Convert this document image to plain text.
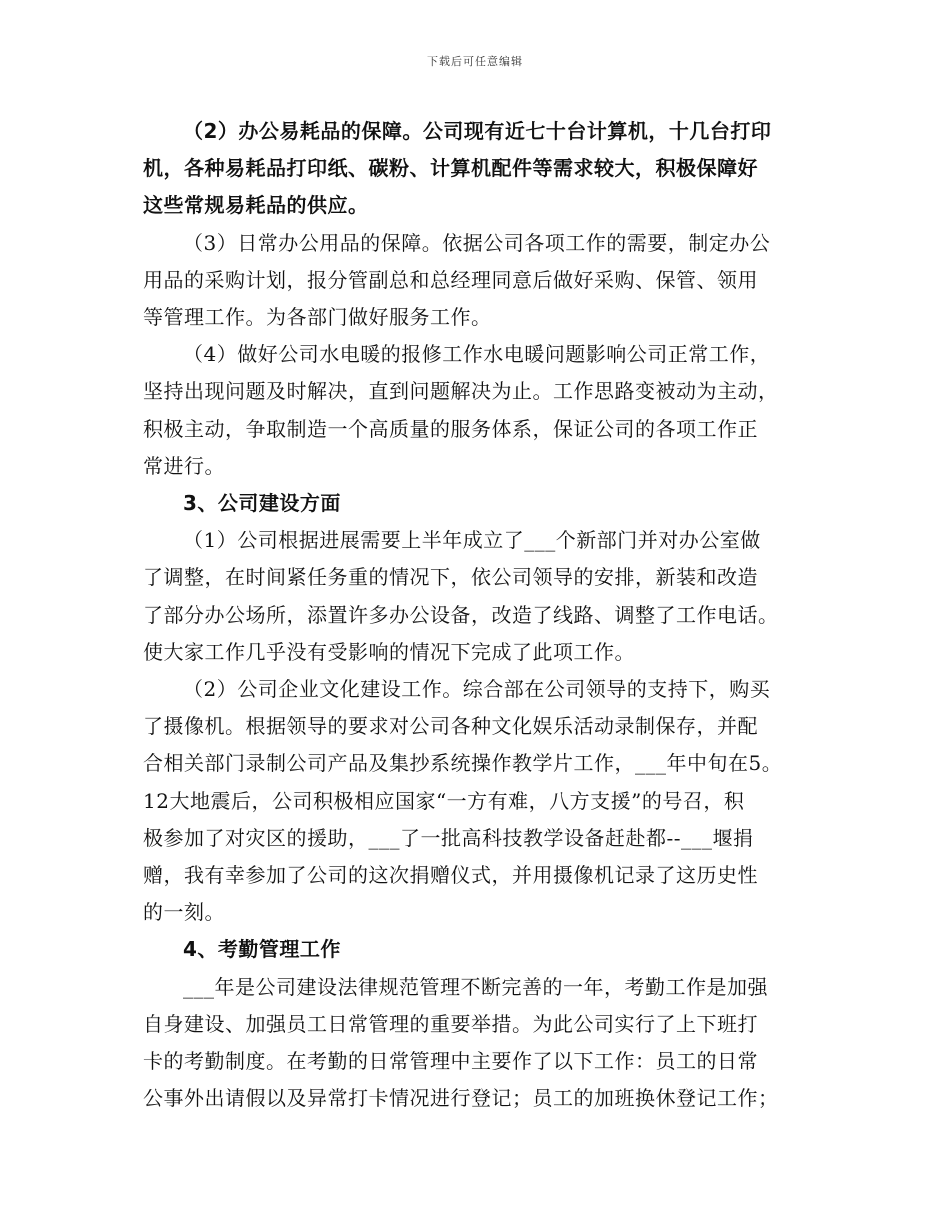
下载后可任意编辑

（2）办公易耗品的保障。公司现有近七十台计算机，十几台打印
机，各种易耗品打印纸、碳粉、计算机配件等需求较大，积极保障好
这些常规易耗品的供应。

（3）日常办公用品的保障。依据公司各项工作的需要，制定办公
用品的采购计划，报分管副总和总经理同意后做好采购、保管、领用
等管理工作。为各部门做好服务工作。

（4）做好公司水电暖的报修工作水电暖问题影响公司正常工作，
坚持出现问题及时解决，直到问题解决为止。工作思路变被动为主动，
积极主动，争取制造一个高质量的服务体系，保证公司的各项工作正
常进行。

3、公司建设方面

（1）公司根据进展需要上半年成立了___个新部门并对办公室做
了调整，在时间紧任务重的情况下，依公司领导的安排，新装和改造
了部分办公场所，添置许多办公设备，改造了线路、调整了工作电话。
使大家工作几乎没有受影响的情况下完成了此项工作。

（2）公司企业文化建设工作。综合部在公司领导的支持下，购买
了摄像机。根据领导的要求对公司各种文化娱乐活动录制保存，并配
合相关部门录制公司产品及集抄系统操作教学片工作，___年中旬在5。
12大地震后，公司积极相应国家“一方有难，八方支援”的号召，积
极参加了对灾区的援助，___了一批高科技教学设备赶赴都--___堰捐
赠，我有幸参加了公司的这次捐赠仪式，并用摄像机记录了这历史性
的一刻。

4、考勤管理工作

___年是公司建设法律规范管理不断完善的一年，考勤工作是加强
自身建设、加强员工日常管理的重要举措。为此公司实行了上下班打
卡的考勤制度。在考勤的日常管理中主要作了以下工作：员工的日常
公事外出请假以及异常打卡情况进行登记；员工的加班换休登记工作；
